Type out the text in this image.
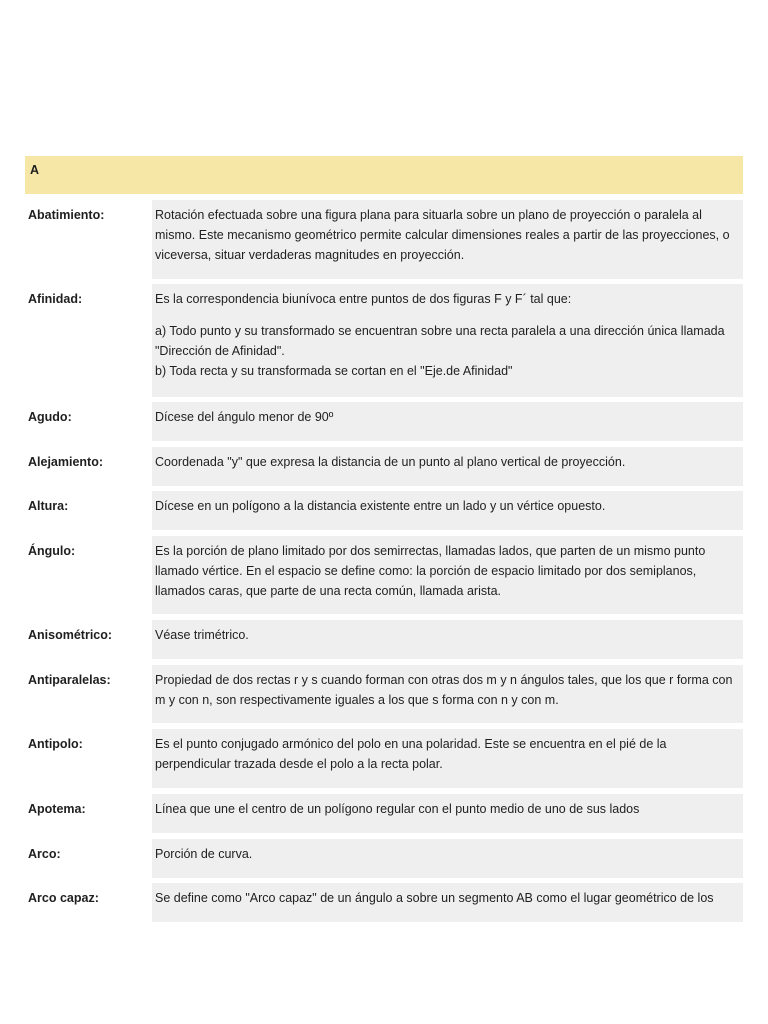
A
Abatimiento:	Rotación efectuada sobre una figura plana para situarla sobre un plano de proyección o paralela al mismo. Este mecanismo geométrico permite calcular dimensiones reales a partir de las proyecciones, o viceversa, situar verdaderas magnitudes en proyección.

Afinidad:	Es la correspondencia biunívoca entre puntos de dos figuras F y F´ tal que:

a) Todo punto y su transformado se encuentran sobre una recta paralela a una dirección única llamada "Dirección de Afinidad".
b) Toda recta y su transformada se cortan en el "Eje.de Afinidad"

Agudo:	Dícese del ángulo menor de 90º

Alejamiento:	Coordenada "y" que expresa la distancia de un punto al plano vertical de proyección.

Altura:	Dícese en un polígono a la distancia existente entre un lado y un vértice opuesto.

Ángulo:	Es la porción de plano limitado por dos semirrectas, llamadas lados, que parten de un mismo punto llamado vértice. En el espacio se define como: la porción de espacio limitado por dos semiplanos, llamados caras, que parte de una recta común, llamada arista.

Anisométrico:	Véase trimétrico.

Antiparalelas:	Propiedad de dos rectas r y s cuando forman con otras dos m y n ángulos tales, que los que r forma con m y con n, son respectivamente iguales a los que s forma con n y con m.

Antipolo:	Es el punto conjugado armónico del polo en una polaridad. Este se encuentra en el pié de la perpendicular trazada desde el polo a la recta polar.

Apotema:	Línea que une el centro de un polígono regular con el punto medio de uno de sus lados

Arco:	Porción de curva.

Arco capaz:	Se define como "Arco capaz" de un ángulo a sobre un segmento AB como el lugar geométrico de los
